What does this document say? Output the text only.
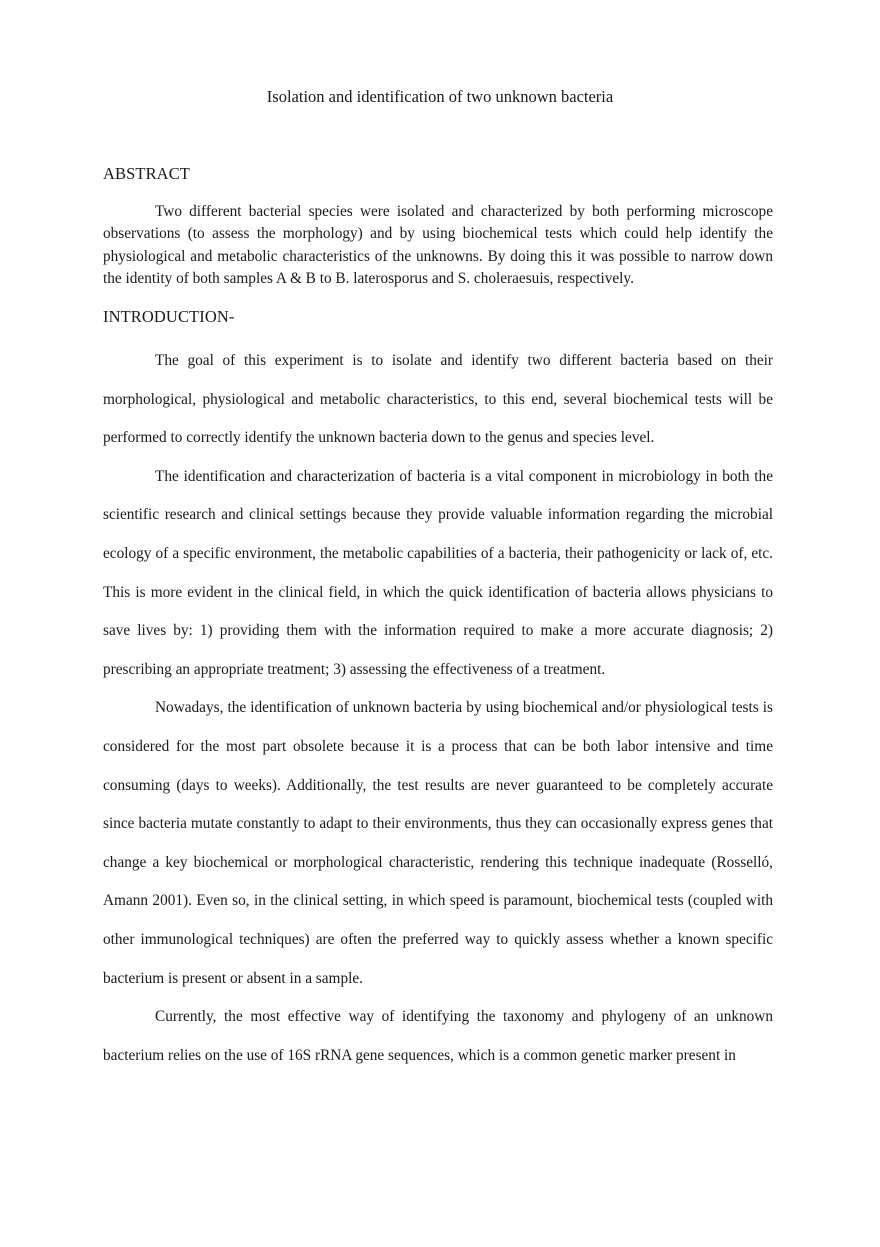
Isolation and identification of two unknown bacteria
ABSTRACT

Two different bacterial species were isolated and characterized by both performing microscope observations (to assess the morphology) and by using biochemical tests which could help identify the physiological and metabolic characteristics of the unknowns. By doing this it was possible to narrow down the identity of both samples A & B to B. laterosporus and S. choleraesuis, respectively.

INTRODUCTION-

The goal of this experiment is to isolate and identify two different bacteria based on their morphological, physiological and metabolic characteristics, to this end, several biochemical tests will be performed to correctly identify the unknown bacteria down to the genus and species level.

The identification and characterization of bacteria is a vital component in microbiology in both the scientific research and clinical settings because they provide valuable information regarding the microbial ecology of a specific environment, the metabolic capabilities of a bacteria, their pathogenicity or lack of, etc. This is more evident in the clinical field, in which the quick identification of bacteria allows physicians to save lives by: 1) providing them with the information required to make a more accurate diagnosis; 2) prescribing an appropriate treatment; 3) assessing the effectiveness of a treatment.

Nowadays, the identification of unknown bacteria by using biochemical and/or physiological tests is considered for the most part obsolete because it is a process that can be both labor intensive and time consuming (days to weeks). Additionally, the test results are never guaranteed to be completely accurate since bacteria mutate constantly to adapt to their environments, thus they can occasionally express genes that change a key biochemical or morphological characteristic, rendering this technique inadequate (Rosselló, Amann 2001). Even so, in the clinical setting, in which speed is paramount, biochemical tests (coupled with other immunological techniques) are often the preferred way to quickly assess whether a known specific bacterium is present or absent in a sample.

Currently, the most effective way of identifying the taxonomy and phylogeny of an unknown bacterium relies on the use of 16S rRNA gene sequences, which is a common genetic marker present in
